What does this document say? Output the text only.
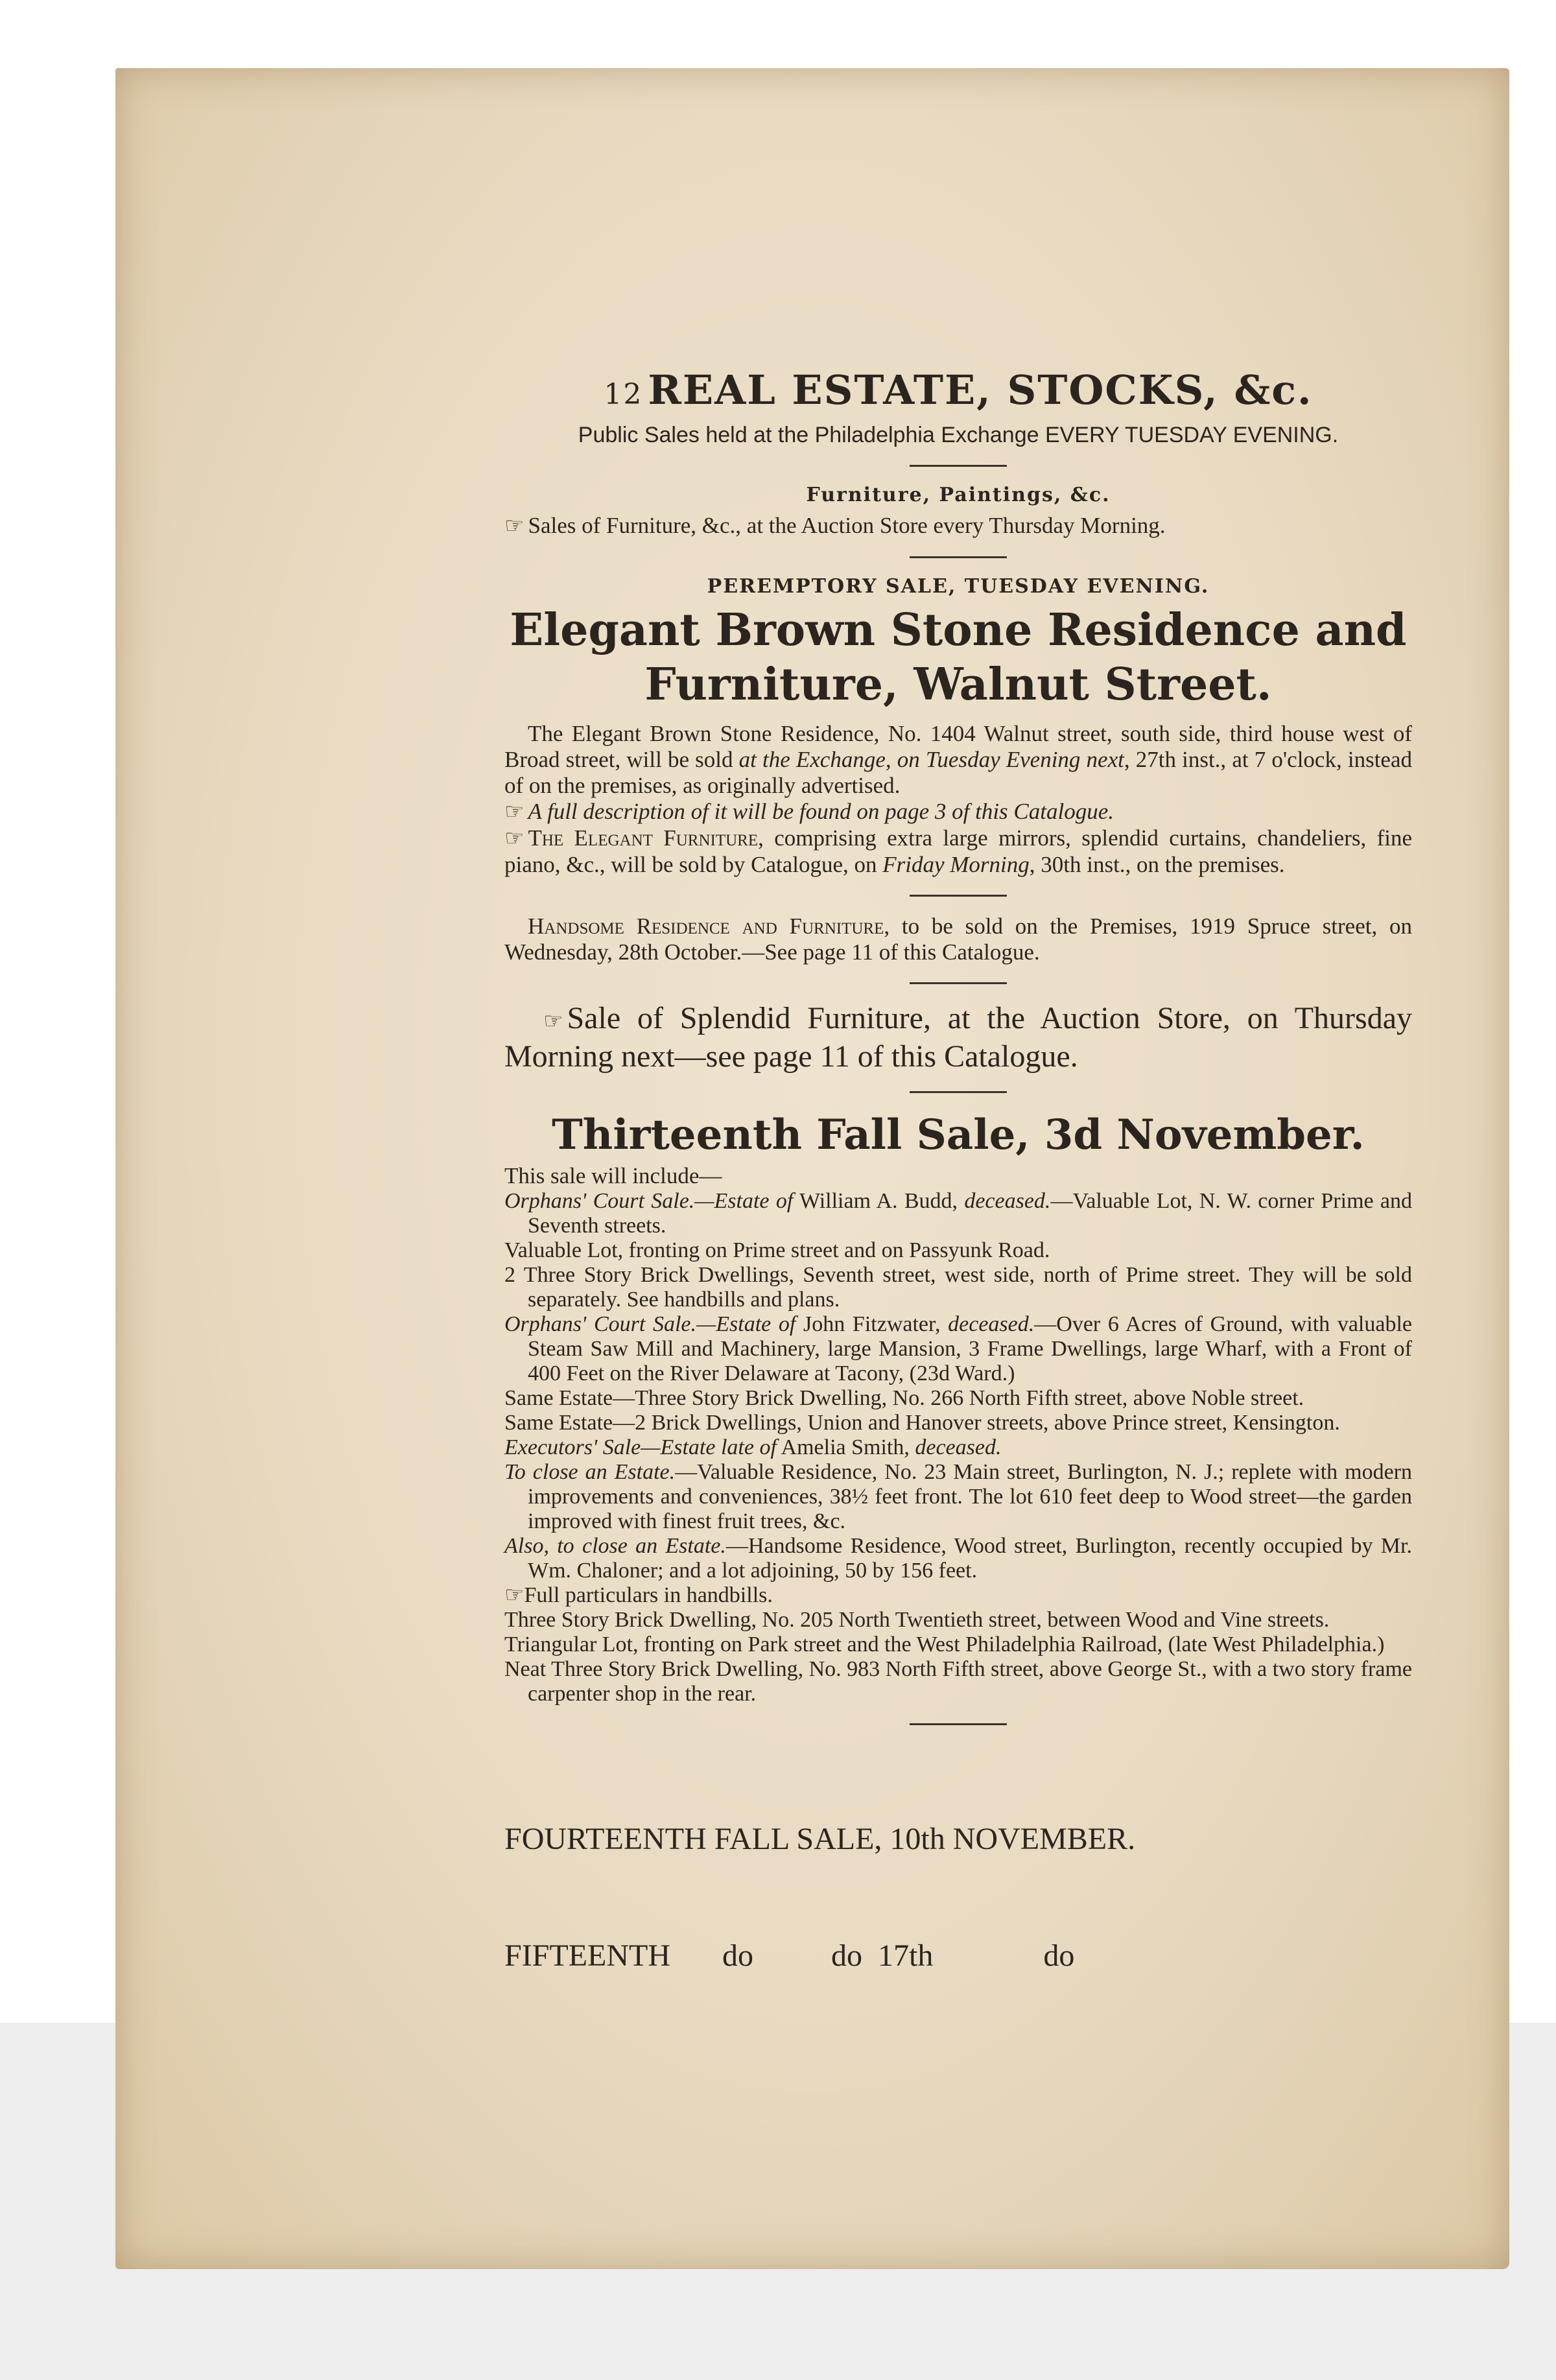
12 REAL ESTATE, STOCKS, &c.

Public Sales held at the Philadelphia Exchange EVERY TUESDAY EVENING.

Furniture, Paintings, &c.

☞ Sales of Furniture, &c., at the Auction Store every Thursday Morning.

PEREMPTORY SALE, TUESDAY EVENING.

Elegant Brown Stone Residence and
Furniture, Walnut Street.

The Elegant Brown Stone Residence, No. 1404 Walnut street, south side, third house west of Broad street, will be sold at the Exchange, on Tuesday Evening next, 27th inst., at 7 o'clock, instead of on the premises, as originally advertised.

☞ A full description of it will be found on page 3 of this Catalogue.

☞ The Elegant Furniture, comprising extra large mirrors, splendid curtains, chandeliers, fine piano, &c., will be sold by Catalogue, on Friday Morning, 30th inst., on the premises.

Handsome Residence and Furniture, to be sold on the Premises, 1919 Spruce street, on Wednesday, 28th October.—See page 11 of this Catalogue.

☞ Sale of Splendid Furniture, at the Auction Store, on Thursday Morning next—see page 11 of this Catalogue.

Thirteenth Fall Sale, 3d November.

This sale will include—

Orphans' Court Sale.—Estate of William A. Budd, deceased.—Valuable Lot, N. W. corner Prime and Seventh streets.

Valuable Lot, fronting on Prime street and on Passyunk Road.

2 Three Story Brick Dwellings, Seventh street, west side, north of Prime street. They will be sold separately. See handbills and plans.

Orphans' Court Sale.—Estate of John Fitzwater, deceased.—Over 6 Acres of Ground, with valuable Steam Saw Mill and Machinery, large Mansion, 3 Frame Dwellings, large Wharf, with a Front of 400 Feet on the River Delaware at Tacony, (23d Ward.)

Same Estate—Three Story Brick Dwelling, No. 266 North Fifth street, above Noble street.

Same Estate—2 Brick Dwellings, Union and Hanover streets, above Prince street, Kensington.

Executors' Sale—Estate late of Amelia Smith, deceased.

To close an Estate.—Valuable Residence, No. 23 Main street, Burlington, N. J.; replete with modern improvements and conveniences, 38½ feet front. The lot 610 feet deep to Wood street—the garden improved with finest fruit trees, &c.

Also, to close an Estate.—Handsome Residence, Wood street, Burlington, recently occupied by Mr. Wm. Chaloner; and a lot adjoining, 50 by 156 feet.

☞Full particulars in handbills.

Three Story Brick Dwelling, No. 205 North Twentieth street, between Wood and Vine streets.

Triangular Lot, fronting on Park street and the West Philadelphia Railroad, (late West Philadelphia.)

Neat Three Story Brick Dwelling, No. 983 North Fifth street, above George St., with a two story frame carpenter shop in the rear.

FOURTEENTH FALL SALE, 10th NOVEMBER.

FIFTEENTH do	do 17th	do
